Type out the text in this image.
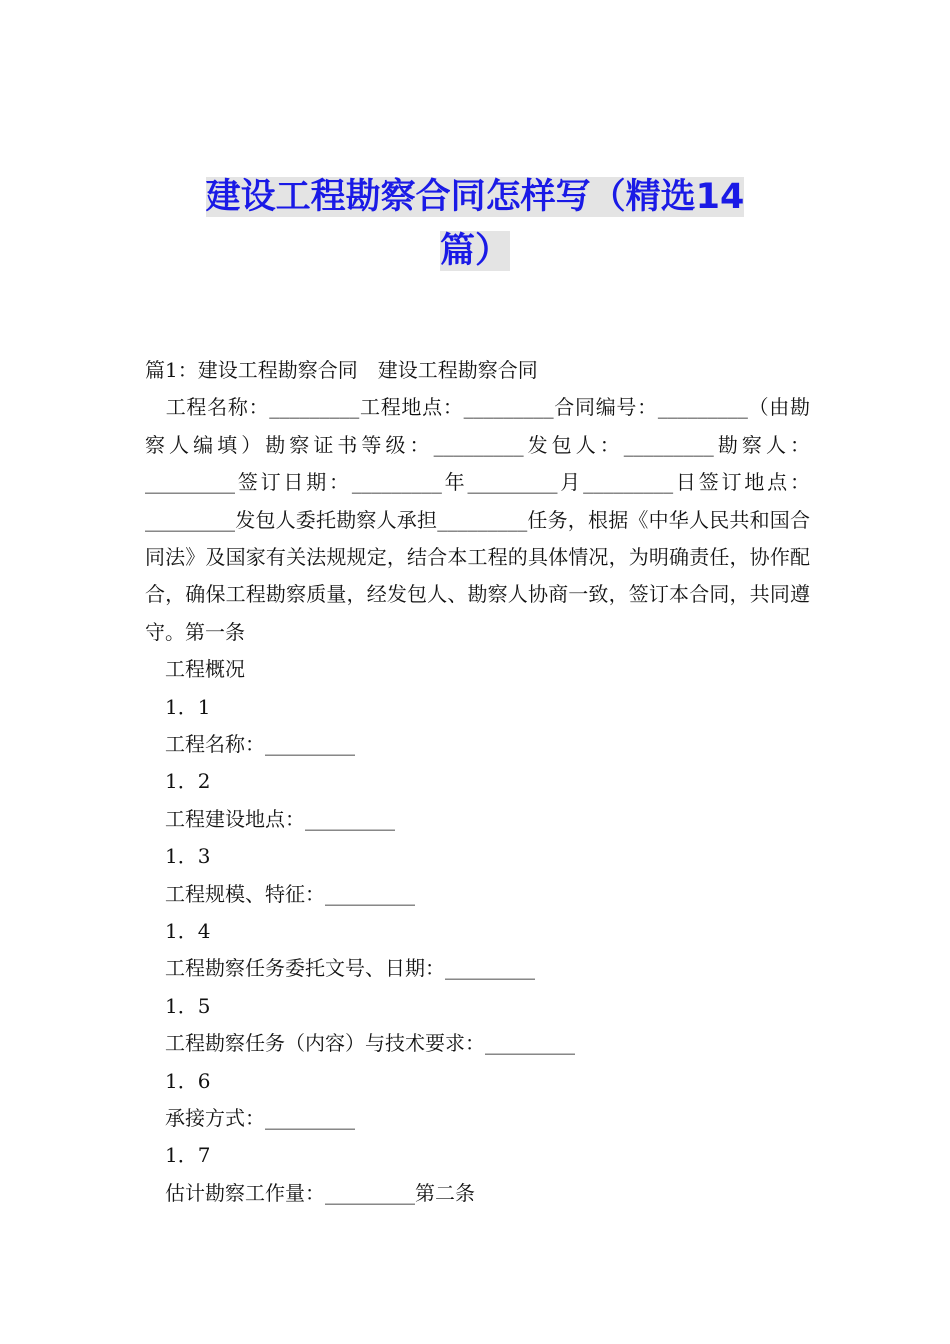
建设工程勘察合同怎样写（精选14
篇）
篇1：建设工程勘察合同　建设工程勘察合同
　工程名称：_________工程地点：_________合同编号：_________（由勘察人编填）勘察证书等级：_________发包人：_________勘察人：_________签订日期：_________年_________月_________日签订地点：_________发包人委托勘察人承担_________任务，根据《中华人民共和国合同法》及国家有关法规规定，结合本工程的具体情况，为明确责任，协作配合，确保工程勘察质量，经发包人、勘察人协商一致，签订本合同，共同遵守。第一条
工程概况
1．1
工程名称：_________
1．2
工程建设地点：_________
1．3
工程规模、特征：_________
1．4
工程勘察任务委托文号、日期：_________
1．5
工程勘察任务（内容）与技术要求：_________
1．6
承接方式：_________
1．7
估计勘察工作量：_________第二条
